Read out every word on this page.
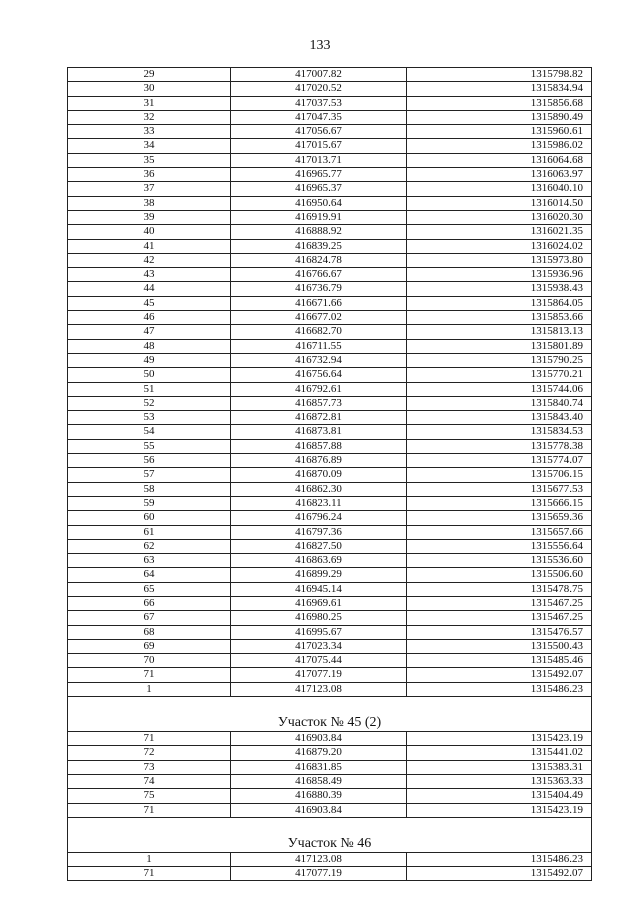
133
29	417007.82	1315798.82
30	417020.52	1315834.94
31	417037.53	1315856.68
32	417047.35	1315890.49
33	417056.67	1315960.61
34	417015.67	1315986.02
35	417013.71	1316064.68
36	416965.77	1316063.97
37	416965.37	1316040.10
38	416950.64	1316014.50
39	416919.91	1316020.30
40	416888.92	1316021.35
41	416839.25	1316024.02
42	416824.78	1315973.80
43	416766.67	1315936.96
44	416736.79	1315938.43
45	416671.66	1315864.05
46	416677.02	1315853.66
47	416682.70	1315813.13
48	416711.55	1315801.89
49	416732.94	1315790.25
50	416756.64	1315770.21
51	416792.61	1315744.06
52	416857.73	1315840.74
53	416872.81	1315843.40
54	416873.81	1315834.53
55	416857.88	1315778.38
56	416876.89	1315774.07
57	416870.09	1315706.15
58	416862.30	1315677.53
59	416823.11	1315666.15
60	416796.24	1315659.36
61	416797.36	1315657.66
62	416827.50	1315556.64
63	416863.69	1315536.60
64	416899.29	1315506.60
65	416945.14	1315478.75
66	416969.61	1315467.25
67	416980.25	1315467.25
68	416995.67	1315476.57
69	417023.34	1315500.43
70	417075.44	1315485.46
71	417077.19	1315492.07
1	417123.08	1315486.23
Участок № 45 (2)		
71	416903.84	1315423.19
72	416879.20	1315441.02
73	416831.85	1315383.31
74	416858.49	1315363.33
75	416880.39	1315404.49
71	416903.84	1315423.19
Участок № 46		
1	417123.08	1315486.23
71	417077.19	1315492.07
